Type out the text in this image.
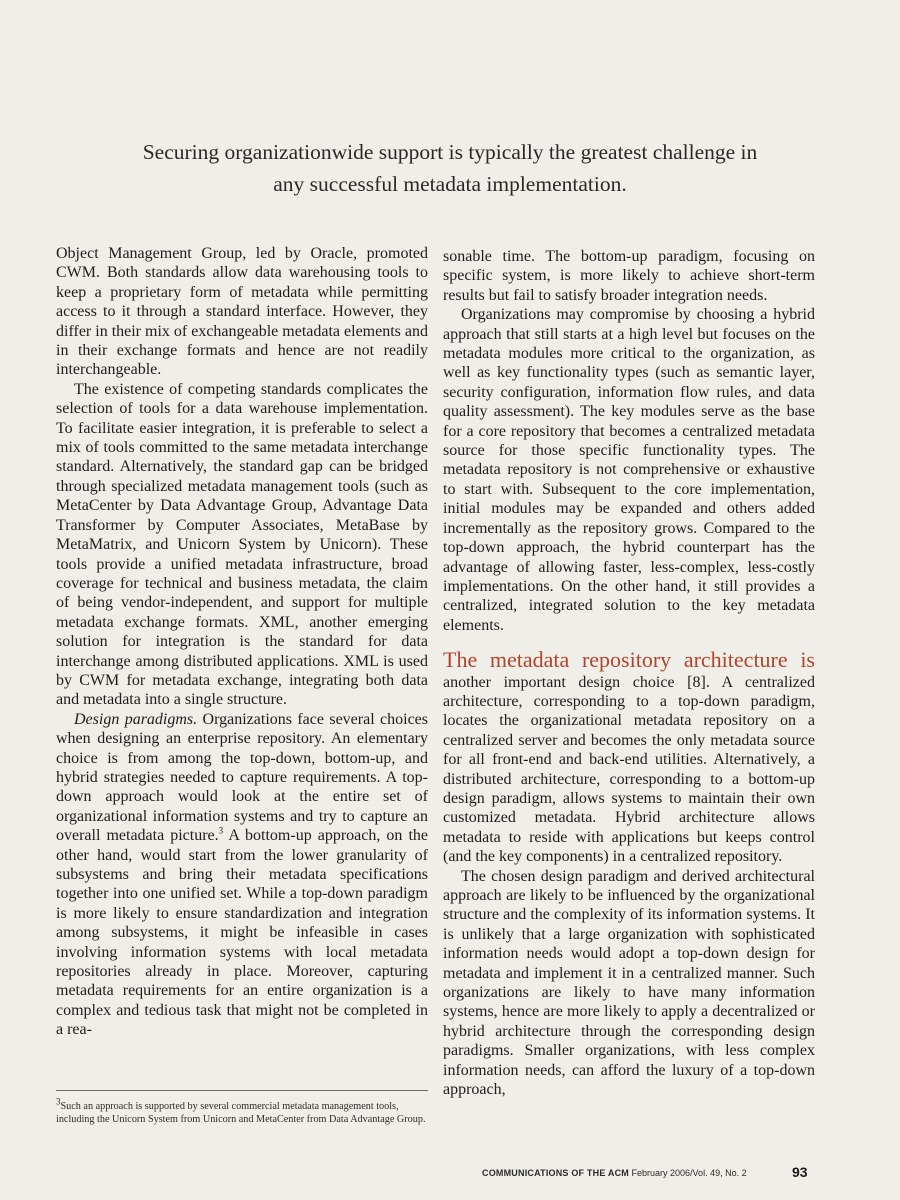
Securing organizationwide support is typically the greatest challenge in
any successful metadata implementation.

Object Management Group, led by Oracle, promoted CWM. Both standards allow data warehousing tools to keep a proprietary form of metadata while permitting access to it through a standard interface. However, they differ in their mix of exchangeable metadata elements and in their exchange formats and hence are not readily interchangeable.

The existence of competing standards complicates the selection of tools for a data warehouse implementation. To facilitate easier integration, it is preferable to select a mix of tools committed to the same metadata interchange standard. Alternatively, the standard gap can be bridged through specialized metadata management tools (such as MetaCenter by Data Advantage Group, Advantage Data Transformer by Computer Associates, MetaBase by MetaMatrix, and Unicorn System by Unicorn). These tools provide a unified metadata infrastructure, broad coverage for technical and business metadata, the claim of being vendor-independent, and support for multiple metadata exchange formats. XML, another emerging solution for integration is the standard for data interchange among distributed applications. XML is used by CWM for metadata exchange, integrating both data and metadata into a single structure.

Design paradigms. Organizations face several choices when designing an enterprise repository. An elementary choice is from among the top-down, bottom-up, and hybrid strategies needed to capture requirements. A top-down approach would look at the entire set of organizational information systems and try to capture an overall metadata picture.$^3$ A bottom-up approach, on the other hand, would start from the lower granularity of subsystems and bring their metadata specifications together into one unified set. While a top-down paradigm is more likely to ensure standardization and integration among subsystems, it might be infeasible in cases involving information systems with local metadata repositories already in place. Moreover, capturing metadata requirements for an entire organization is a complex and tedious task that might not be completed in a rea-

sonable time. The bottom-up paradigm, focusing on specific system, is more likely to achieve short-term results but fail to satisfy broader integration needs.

Organizations may compromise by choosing a hybrid approach that still starts at a high level but focuses on the metadata modules more critical to the organization, as well as key functionality types (such as semantic layer, security configuration, information flow rules, and data quality assessment). The key modules serve as the base for a core repository that becomes a centralized metadata source for those specific functionality types. The metadata repository is not comprehensive or exhaustive to start with. Subsequent to the core implementation, initial modules may be expanded and others added incrementally as the repository grows. Compared to the top-down approach, the hybrid counterpart has the advantage of allowing faster, less-complex, less-costly implementations. On the other hand, it still provides a centralized, integrated solution to the key metadata elements.

The metadata repository architecture is another important design choice [8]. A centralized architecture, corresponding to a top-down paradigm, locates the organizational metadata repository on a centralized server and becomes the only metadata source for all front-end and back-end utilities. Alternatively, a distributed architecture, corresponding to a bottom-up design paradigm, allows systems to maintain their own customized metadata. Hybrid architecture allows metadata to reside with applications but keeps control (and the key components) in a centralized repository.

The chosen design paradigm and derived architectural approach are likely to be influenced by the organizational structure and the complexity of its information systems. It is unlikely that a large organization with sophisticated information needs would adopt a top-down design for metadata and implement it in a centralized manner. Such organizations are likely to have many information systems, hence are more likely to apply a decentralized or hybrid architecture through the corresponding design paradigms. Smaller organizations, with less complex information needs, can afford the luxury of a top-down approach,

$^3$Such an approach is supported by several commercial metadata management tools, including the Unicorn System from Unicorn and MetaCenter from Data Advantage Group.
COMMUNICATIONS OF THE ACM February 2006/Vol. 49, No. 2	93
